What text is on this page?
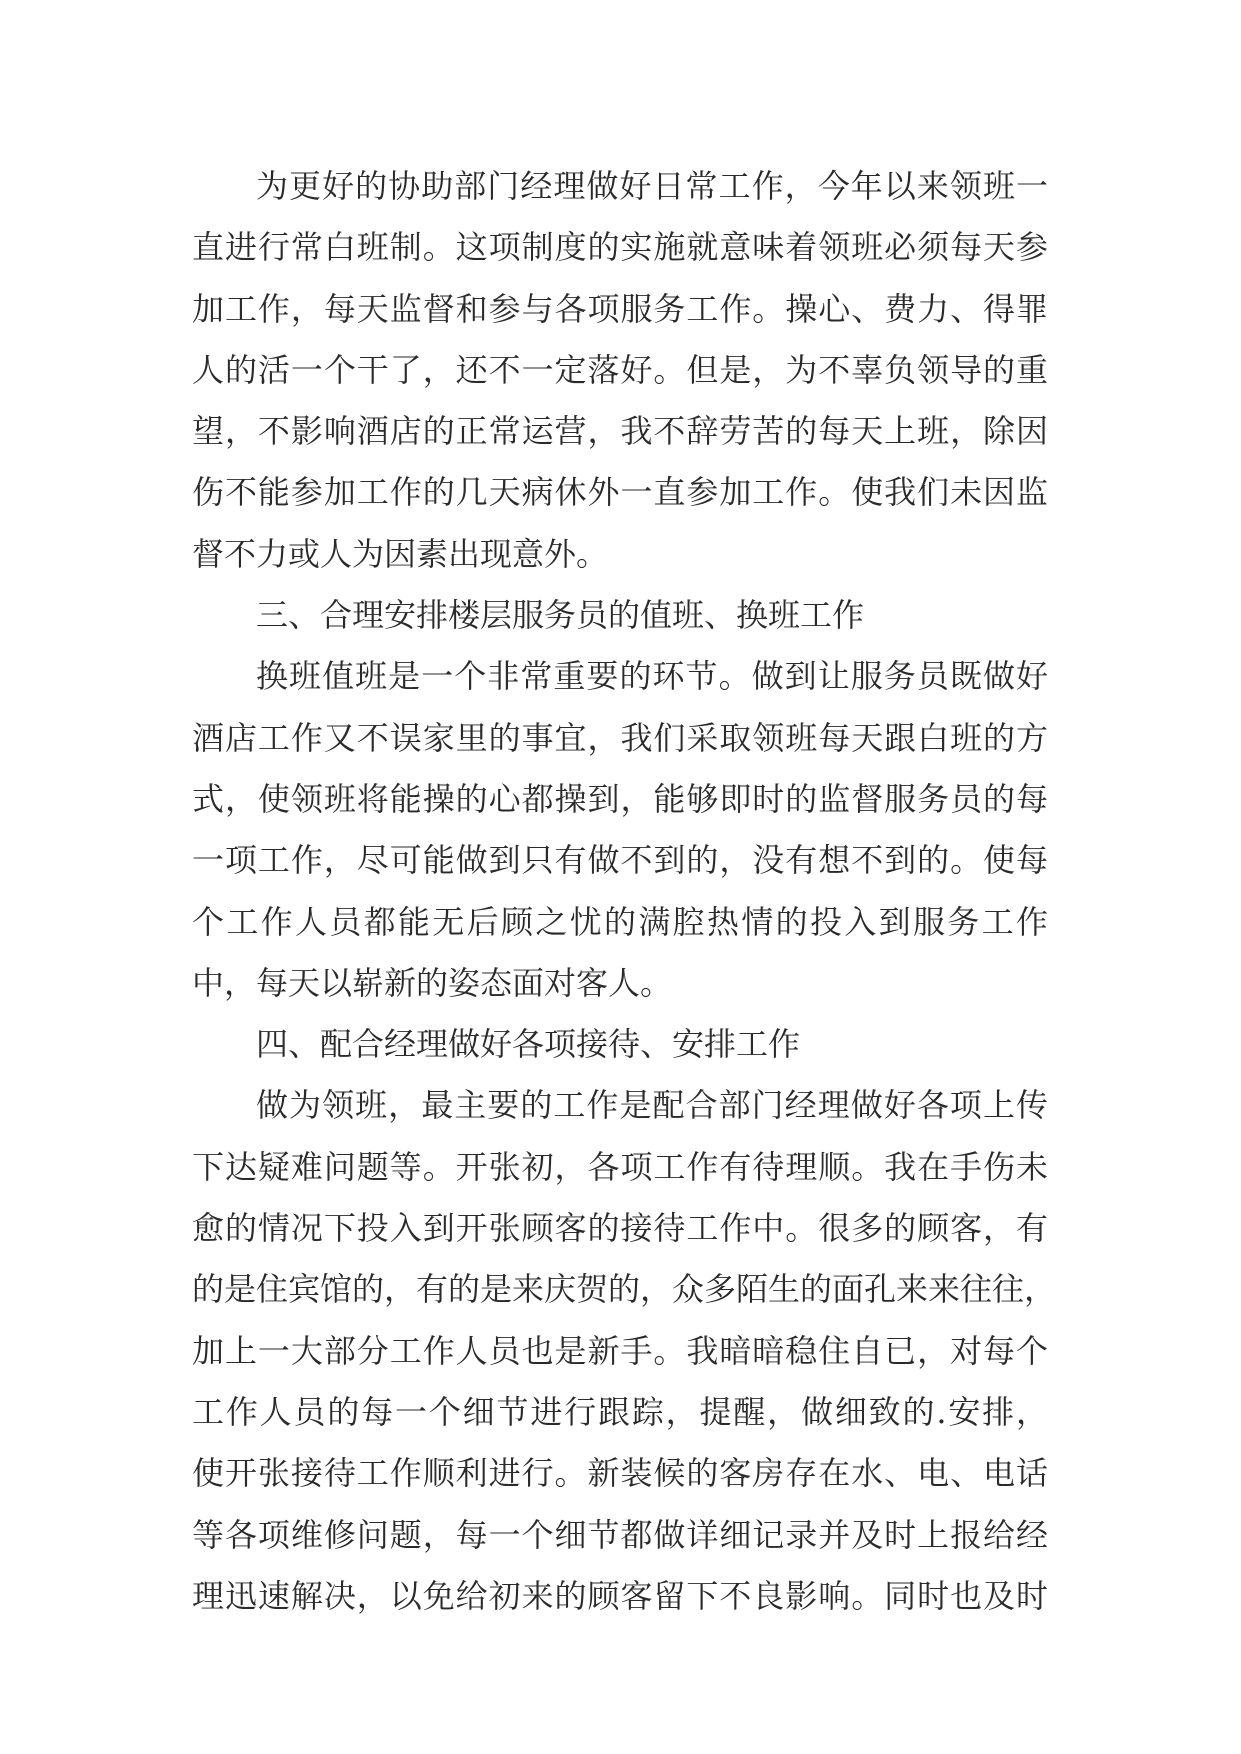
为更好的协助部门经理做好日常工作，今年以来领班一
直进行常白班制。这项制度的实施就意味着领班必须每天参
加工作，每天监督和参与各项服务工作。操心、费力、得罪
人的活一个干了，还不一定落好。但是，为不辜负领导的重
望，不影响酒店的正常运营，我不辞劳苦的每天上班，除因
伤不能参加工作的几天病休外一直参加工作。使我们未因监
督不力或人为因素出现意外。
三、合理安排楼层服务员的值班、换班工作
换班值班是一个非常重要的环节。做到让服务员既做好
酒店工作又不误家里的事宜，我们采取领班每天跟白班的方
式，使领班将能操的心都操到，能够即时的监督服务员的每
一项工作，尽可能做到只有做不到的，没有想不到的。使每
个工作人员都能无后顾之忧的满腔热情的投入到服务工作
中，每天以崭新的姿态面对客人。
四、配合经理做好各项接待、安排工作
做为领班，最主要的工作是配合部门经理做好各项上传
下达疑难问题等。开张初，各项工作有待理顺。我在手伤未
愈的情况下投入到开张顾客的接待工作中。很多的顾客，有
的是住宾馆的，有的是来庆贺的，众多陌生的面孔来来往往，
加上一大部分工作人员也是新手。我暗暗稳住自已，对每个
工作人员的每一个细节进行跟踪，提醒，做细致的.安排，
使开张接待工作顺利进行。新装候的客房存在水、电、电话
等各项维修问题，每一个细节都做详细记录并及时上报给经
理迅速解决，以免给初来的顾客留下不良影响。同时也及时
